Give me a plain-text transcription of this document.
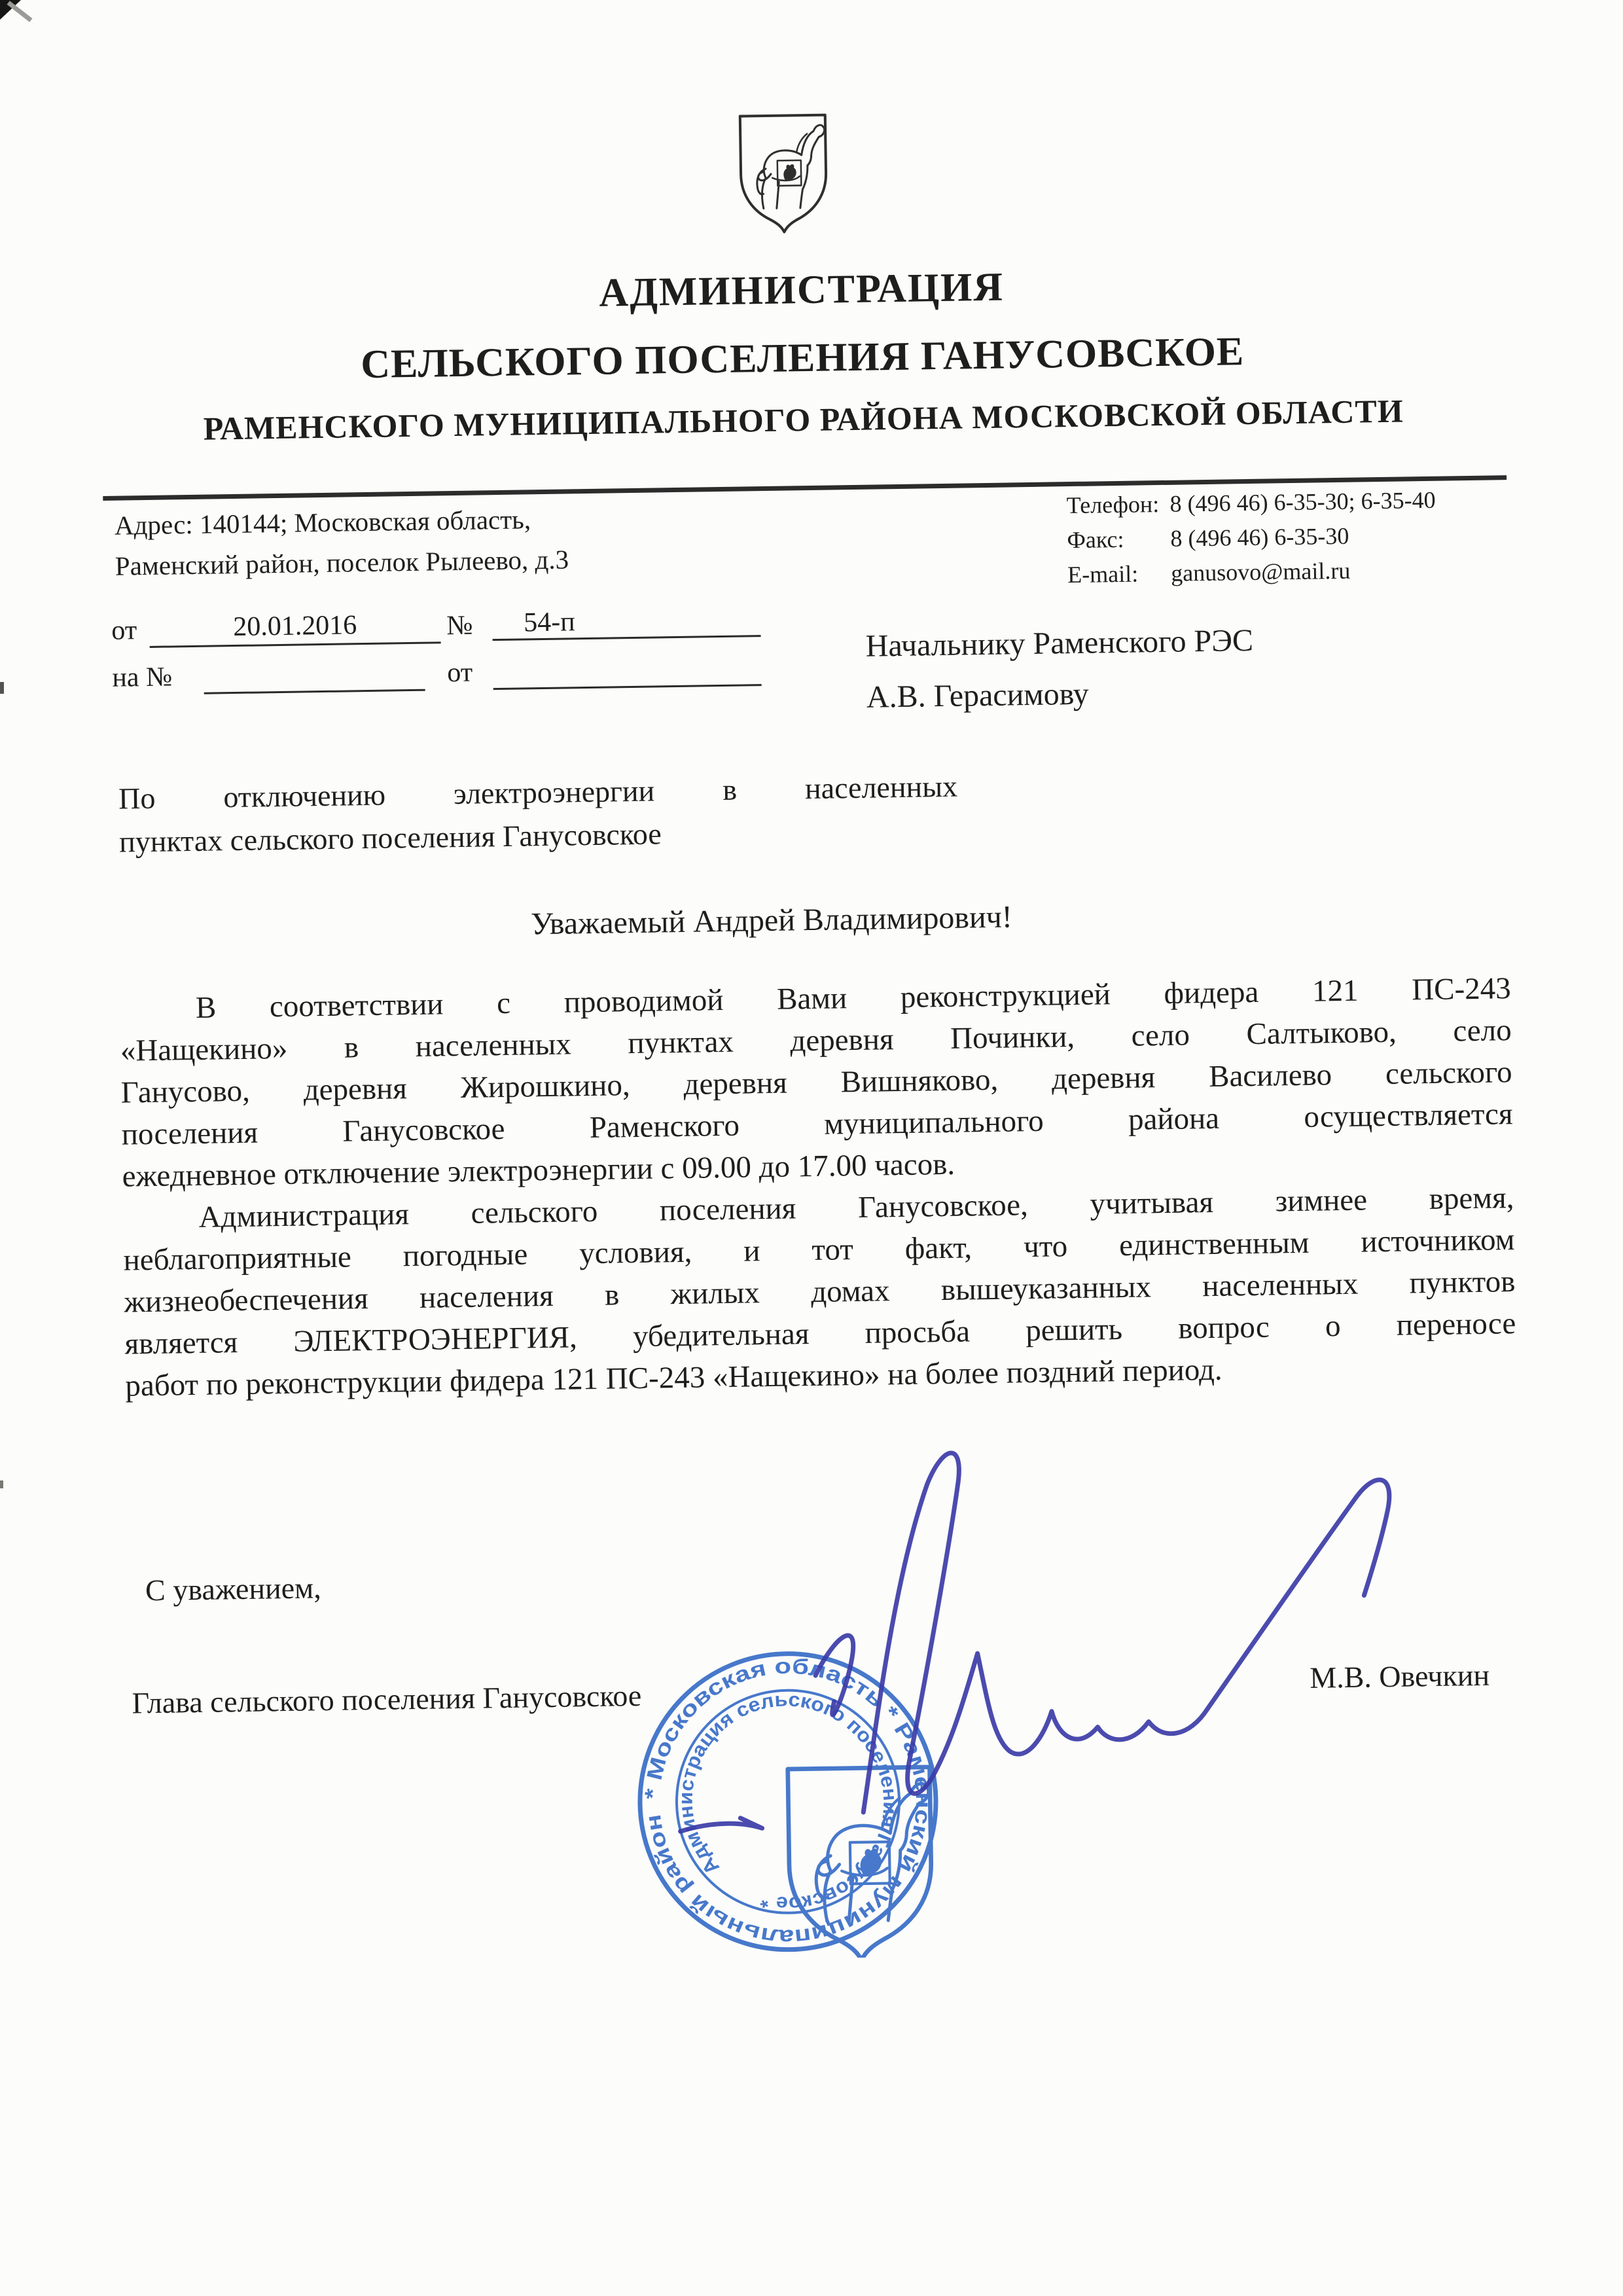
АДМИНИСТРАЦИЯ
СЕЛЬСКОГО ПОСЕЛЕНИЯ ГАНУСОВСКОЕ
РАМЕНСКОГО МУНИЦИПАЛЬНОГО РАЙОНА МОСКОВСКОЙ ОБЛАСТИ
Адрес: 140144; Московская область,
Раменский район, поселок Рылеево, д.3
Телефон: 8 (496 46) 6-35-30; 6-35-40
Факс:	8 (496 46) 6-35-30
E-mail:	ganusovo@mail.ru
от	20.01.2016	№	54-п
на №	от
Начальнику Раменского РЭС
А.В. Герасимову
По отключению электроэнергии в населенных
пунктах сельского поселения Ганусовское
Уважаемый Андрей Владимирович!
В соответствии с проводимой Вами реконструкцией фидера 121 ПС-243
«Нащекино» в населенных пунктах деревня Починки, село Салтыково, село
Ганусово, деревня Жирошкино, деревня Вишняково, деревня Василево сельского
поселения Ганусовское Раменского муниципального района осуществляется
ежедневное отключение электроэнергии с 09.00 до 17.00 часов.
Администрация сельского поселения Ганусовское, учитывая зимнее время,
неблагоприятные погодные условия, и тот факт, что единственным источником
жизнеобеспечения населения в жилых домах вышеуказанных населенных пунктов
является ЭЛЕКТРОЭНЕРГИЯ, убедительная просьба решить вопрос о переносе
работ по реконструкции фидера 121 ПС-243 «Нащекино» на более поздний период.
С уважением,
Глава сельского поселения Ганусовское
М.В. Овечкин
* Московская область * Раменский муниципальный район
Администрация сельского поселения Ганусовское *
